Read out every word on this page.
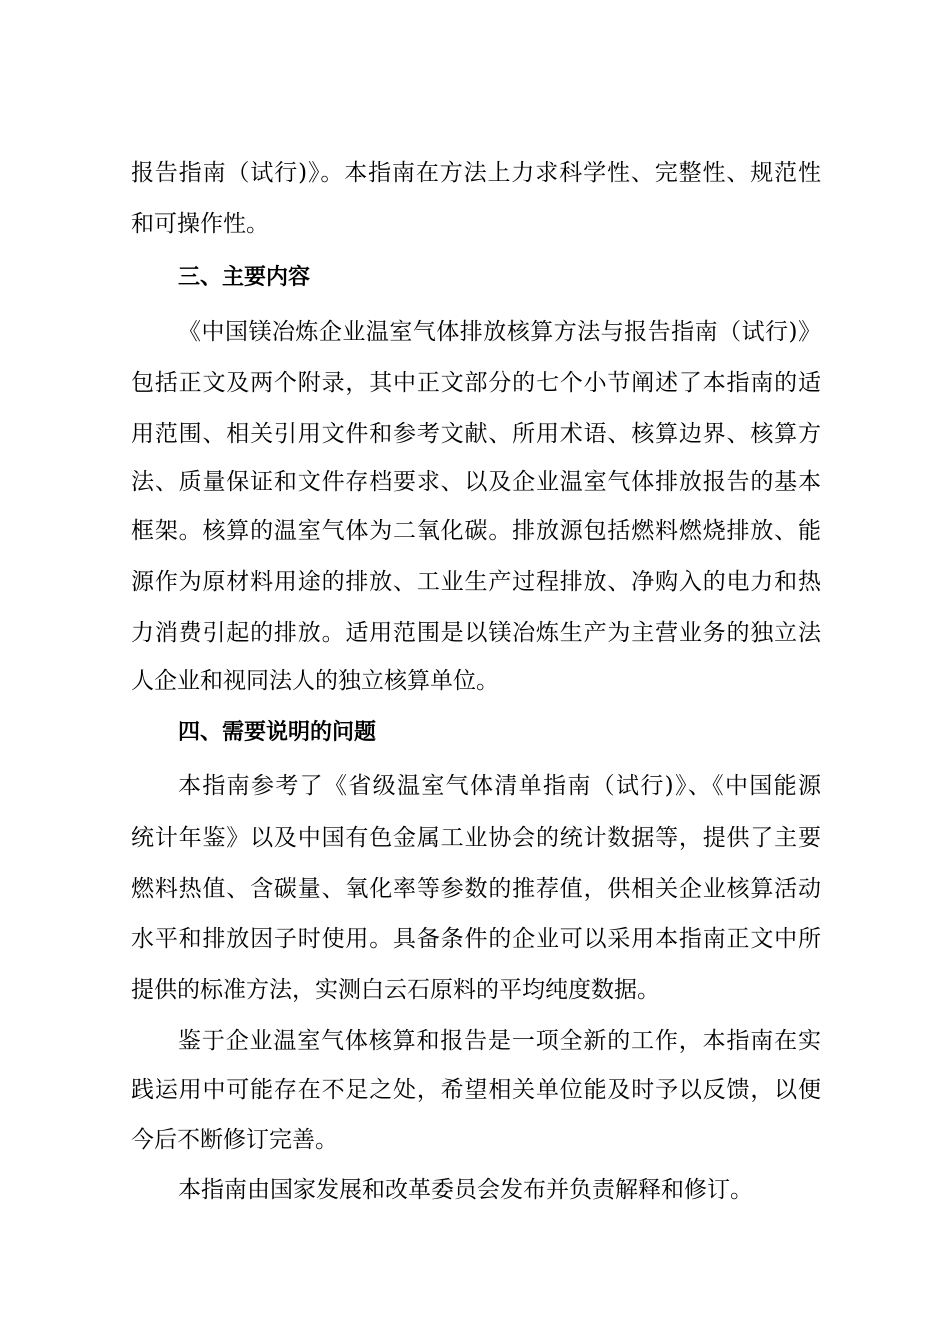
报告指南（试行)》。本指南在方法上力求科学性、完整性、规范性
和可操作性。
三、主要内容
《中国镁冶炼企业温室气体排放核算方法与报告指南（试行)》
包括正文及两个附录，其中正文部分的七个小节阐述了本指南的适
用范围、相关引用文件和参考文献、所用术语、核算边界、核算方
法、质量保证和文件存档要求、以及企业温室气体排放报告的基本
框架。核算的温室气体为二氧化碳。排放源包括燃料燃烧排放、能
源作为原材料用途的排放、工业生产过程排放、净购入的电力和热
力消费引起的排放。适用范围是以镁冶炼生产为主营业务的独立法
人企业和视同法人的独立核算单位。
四、需要说明的问题
本指南参考了《省级温室气体清单指南（试行)》、《中国能源
统计年鉴》以及中国有色金属工业协会的统计数据等，提供了主要
燃料热值、含碳量、氧化率等参数的推荐值，供相关企业核算活动
水平和排放因子时使用。具备条件的企业可以采用本指南正文中所
提供的标准方法，实测白云石原料的平均纯度数据。
鉴于企业温室气体核算和报告是一项全新的工作，本指南在实
践运用中可能存在不足之处，希望相关单位能及时予以反馈，以便
今后不断修订完善。
本指南由国家发展和改革委员会发布并负责解释和修订。
